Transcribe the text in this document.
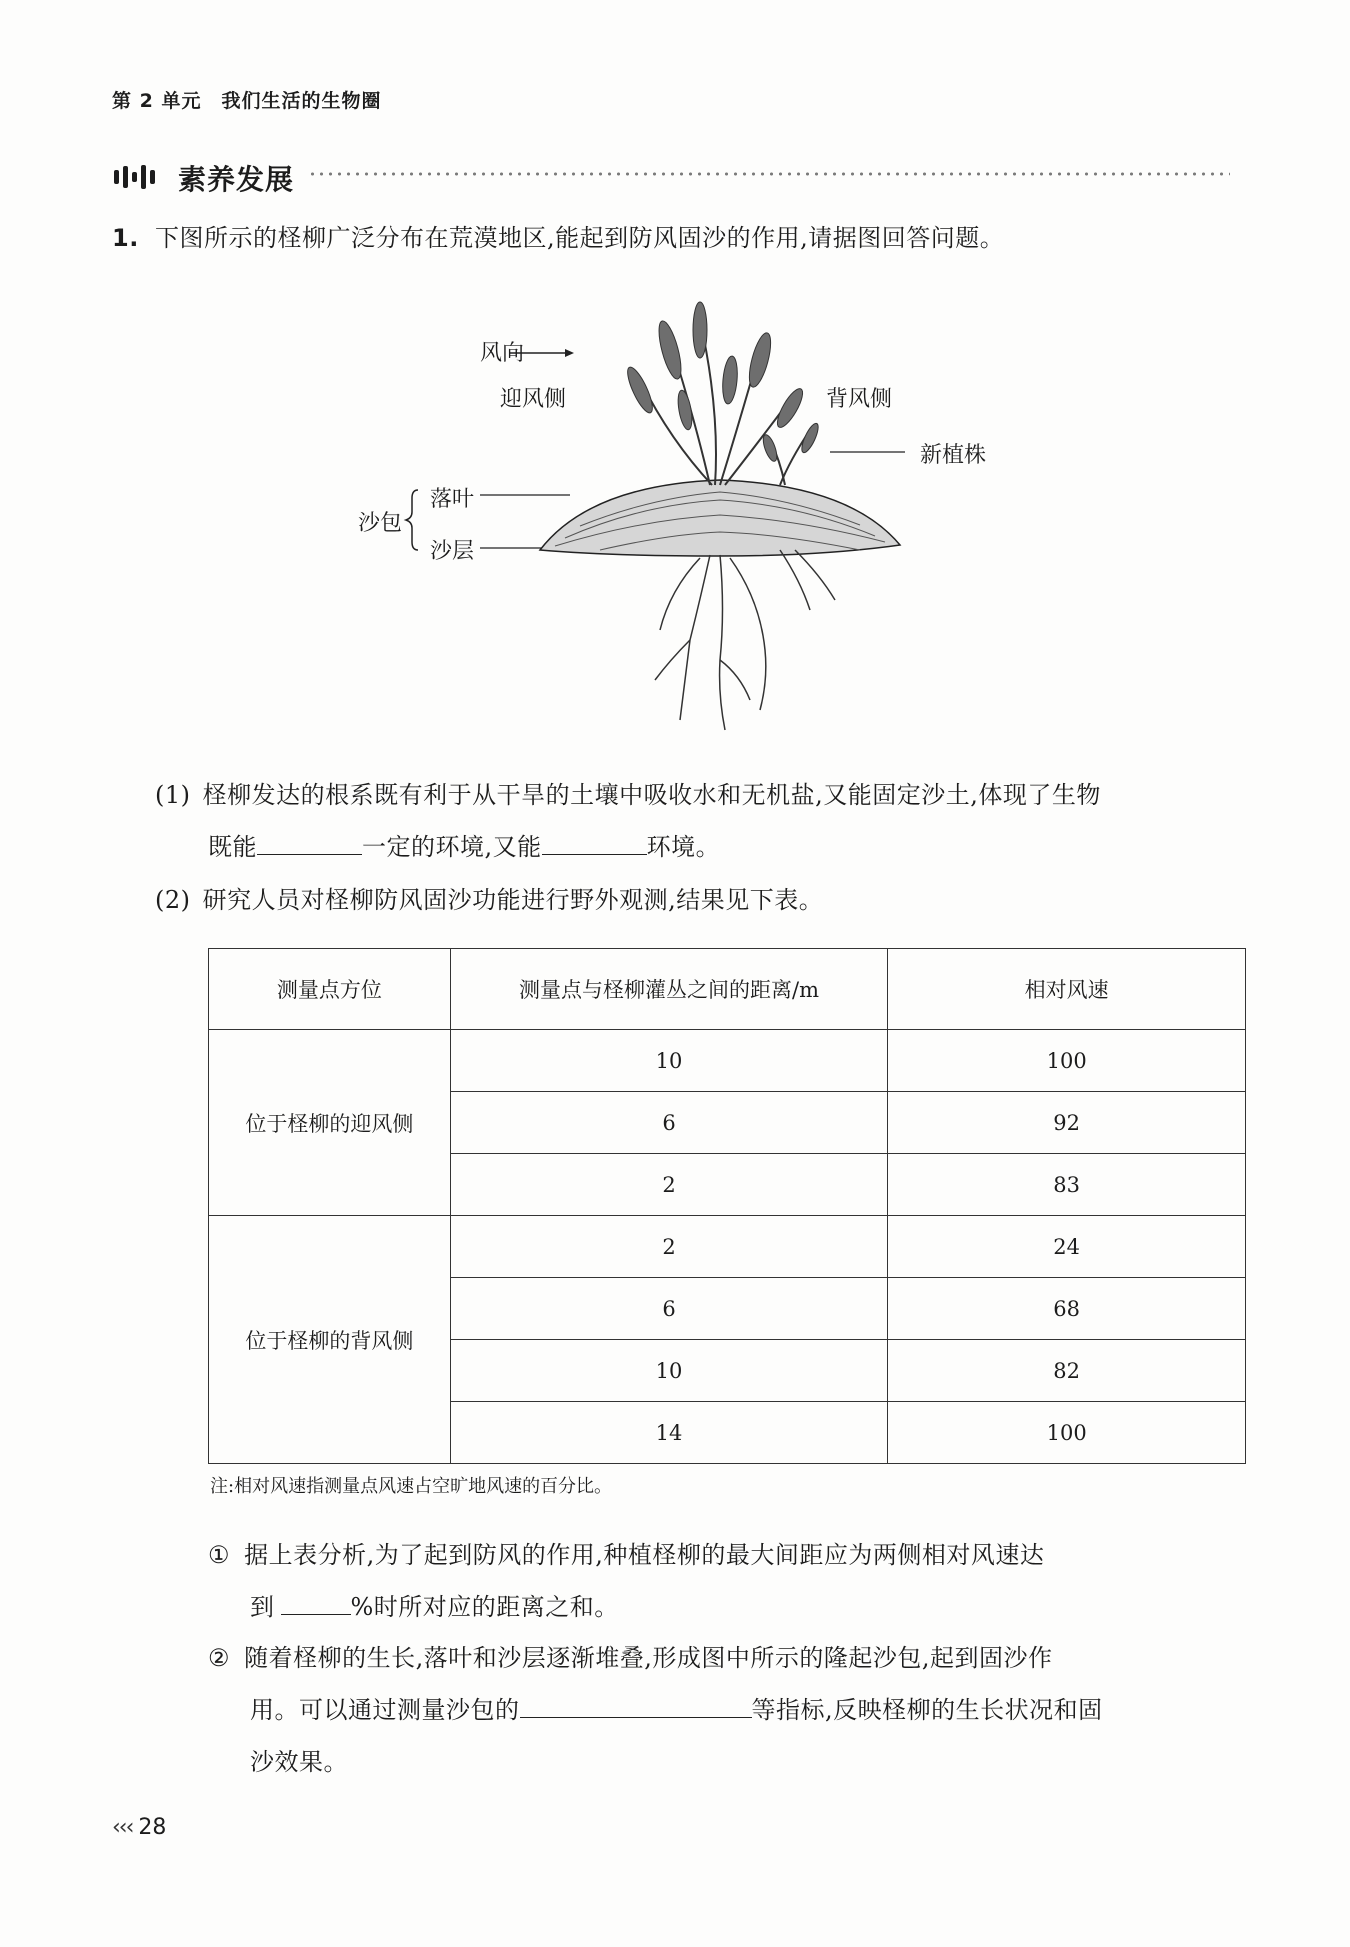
第 2 单元　我们生活的生物圈
素养发展
1. 下图所示的柽柳广泛分布在荒漠地区,能起到防风固沙的作用,请据图回答问题。
风向
迎风侧	背风侧
新植株
沙包
落叶
沙层
(1) 柽柳发达的根系既有利于从干旱的土壤中吸收水和无机盐,又能固定沙土,体现了生物
既能	一定的环境,又能	环境。
(2) 研究人员对柽柳防风固沙功能进行野外观测,结果见下表。
测量点方位	测量点与柽柳灌丛之间的距离/m	相对风速
位于柽柳的迎风侧	10	100
	6	92
	2	83
位于柽柳的背风侧	2	24
	6	68
	10	82
	14	100
注:相对风速指测量点风速占空旷地风速的百分比。
① 据上表分析,为了起到防风的作用,种植柽柳的最大间距应为两侧相对风速达
到	%时所对应的距离之和。
② 随着柽柳的生长,落叶和沙层逐渐堆叠,形成图中所示的隆起沙包,起到固沙作
用。可以通过测量沙包的	等指标,反映柽柳的生长状况和固
沙效果。
‹‹‹ 28
